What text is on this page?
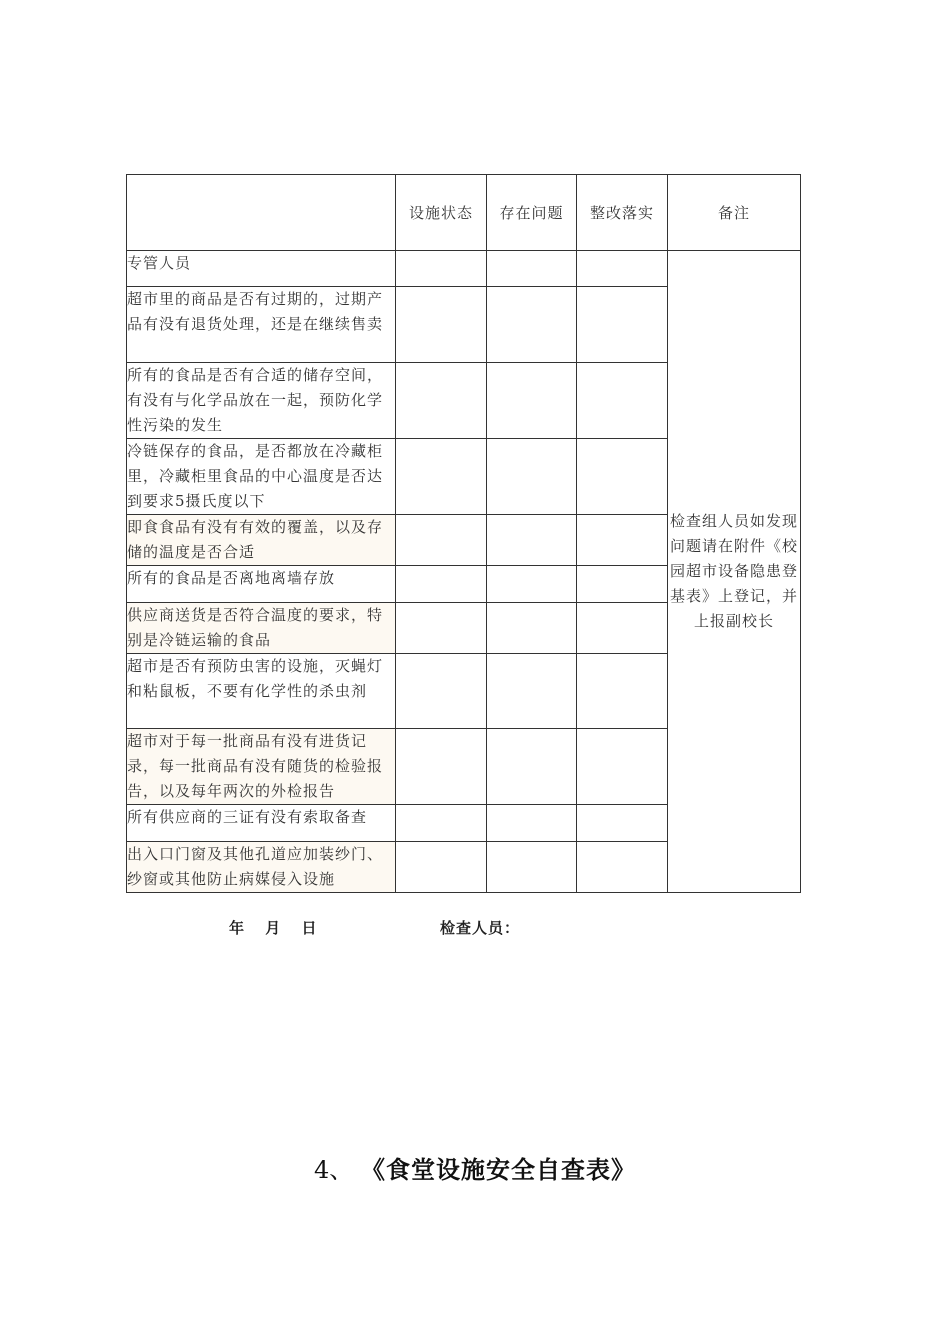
	设施状态	存在问题	整改落实	备注
专管人员				检查组人员如发现问题请在附件《校园超市设备隐患登基表》上登记，并上报副校长
超市里的商品是否有过期的，过期产品有没有退货处理，还是在继续售卖				
所有的食品是否有合适的储存空间，有没有与化学品放在一起，预防化学性污染的发生				
冷链保存的食品，是否都放在冷藏柜里，冷藏柜里食品的中心温度是否达到要求5摄氏度以下				
即食食品有没有有效的覆盖，以及存储的温度是否合适				
所有的食品是否离地离墙存放				
供应商送货是否符合温度的要求，特别是冷链运输的食品				
超市是否有预防虫害的设施，灭蝇灯和粘鼠板，不要有化学性的杀虫剂				
超市对于每一批商品有没有进货记录，每一批商品有没有随货的检验报告，以及每年两次的外检报告				
所有供应商的三证有没有索取备查				
出入口门窗及其他孔道应加装纱门、纱窗或其他防止病媒侵入设施				
年 月 日	检查人员：
4、 《食堂设施安全自查表》
